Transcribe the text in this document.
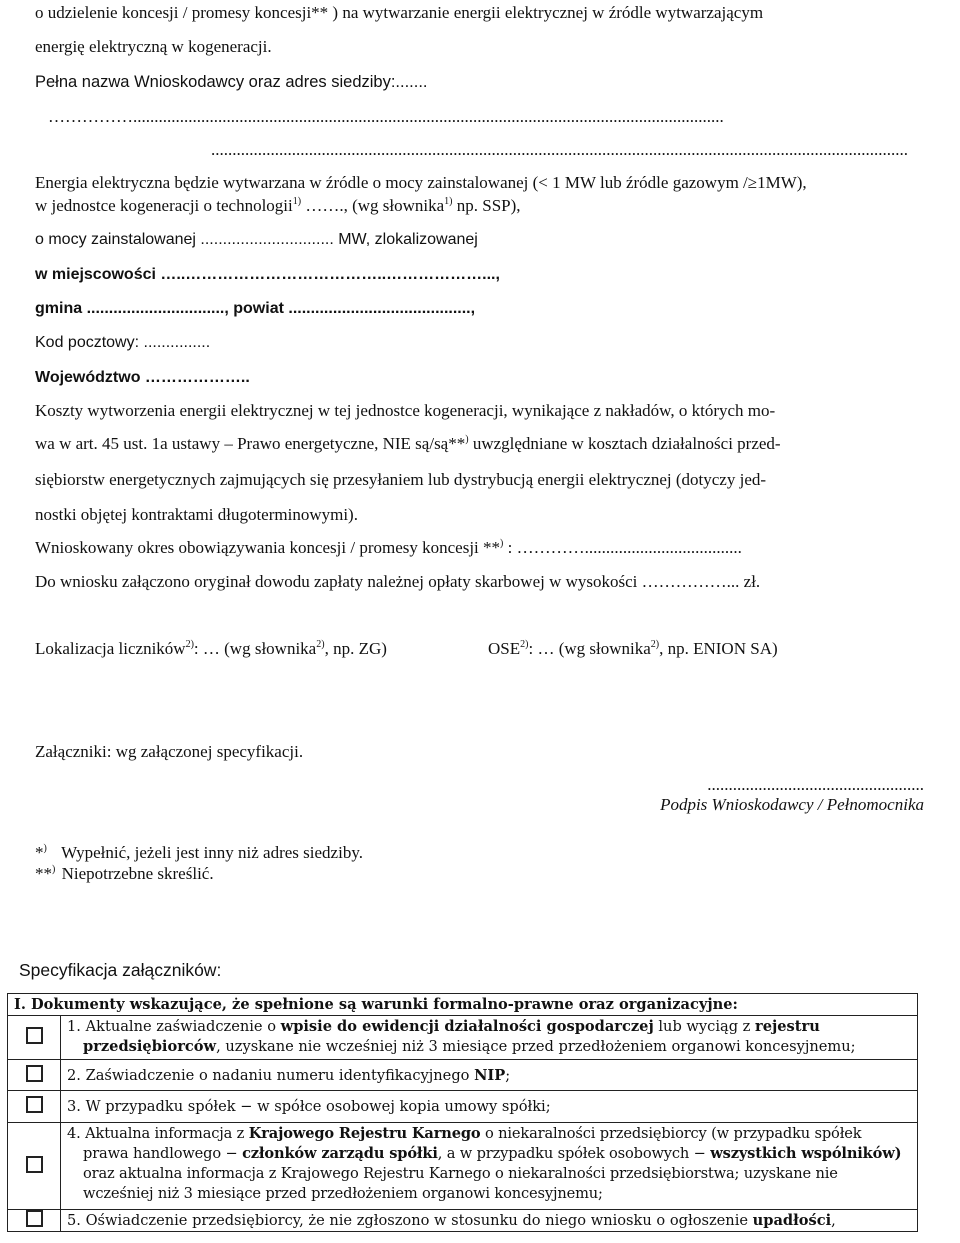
o udzielenie koncesji / promesy koncesji** ) na wytwarzanie energii elektrycznej w źródle wytwarzającym
energię elektryczną w kogeneracji.
Pełna nazwa Wnioskodawcy oraz adres siedziby:.......
……………...........................................................................................................................................
....................................................................................................................................................................
Energia elektryczna będzie wytwarzana w źródle o mocy zainstalowanej (< 1 MW lub źródle gazowym /≥1MW),
w jednostce kogeneracji o technologii$^{1)}$ ……., (wg słownika$^{1)}$ np. SSP),
o mocy zainstalowanej .............................. MW, zlokalizowanej
w miejscowości …..………………………………..………………...,
gmina ..............................., powiat .........................................,
Kod pocztowy: ...............
Województwo ………………..
Koszty wytworzenia energii elektrycznej w tej jednostce kogeneracji, wynikające z nakładów, o których mo-
wa w art. 45 ust. 1a ustawy – Prawo energetyczne, NIE są/są**) uwzględniane w kosztach działalności przed-
siębiorstw energetycznych zajmujących się przesyłaniem lub dystrybucją energii elektrycznej (dotyczy jed-
nostki objętej kontraktami długoterminowymi).
Wnioskowany okres obowiązywania koncesji / promesy koncesji **) : ………….....................................
Do wniosku załączono oryginał dowodu zapłaty należnej opłaty skarbowej w wysokości ……………... zł.
Lokalizacja liczników$^{2)}$: … (wg słownika$^{2)}$, np. ZG)	OSE$^{2)}$: … (wg słownika$^{2)}$, np. ENION SA)
Załączniki: wg załączonej specyfikacji.
...................................................
Podpis Wnioskodawcy / Pełnomocnika
*) Wypełnić, jeżeli jest inny niż adres siedziby.
**) Niepotrzebne skreślić.
Specyfikacja załączników:
I. Dokumenty wskazujące, że spełnione są warunki formalno-prawne oraz organizacyjne:	

	1. Aktualne zaświadczenie o wpisie do ewidencji działalności gospodarczej lub wyciąg z rejestru przedsiębiorców, uzyskane nie wcześniej niż 3 miesiące przed przedłożeniem organowi koncesyjnemu;

	2. Zaświadczenie o nadaniu numeru identyfikacyjnego NIP;

	3. W przypadku spółek − w spółce osobowej kopia umowy spółki;

	4. Aktualna informacja z Krajowego Rejestru Karnego o niekaralności przedsiębiorcy (w przypadku spółek prawa handlowego − członków zarządu spółki, a w przypadku spółek osobowych − wszystkich wspólników) oraz aktualna informacja z Krajowego Rejestru Karnego o niekaralności przedsiębiorstwa; uzyskane nie wcześniej niż 3 miesiące przed przedłożeniem organowi koncesyjnemu;

	5. Oświadczenie przedsiębiorcy, że nie zgłoszono w stosunku do niego wniosku o ogłoszenie upadłości,
